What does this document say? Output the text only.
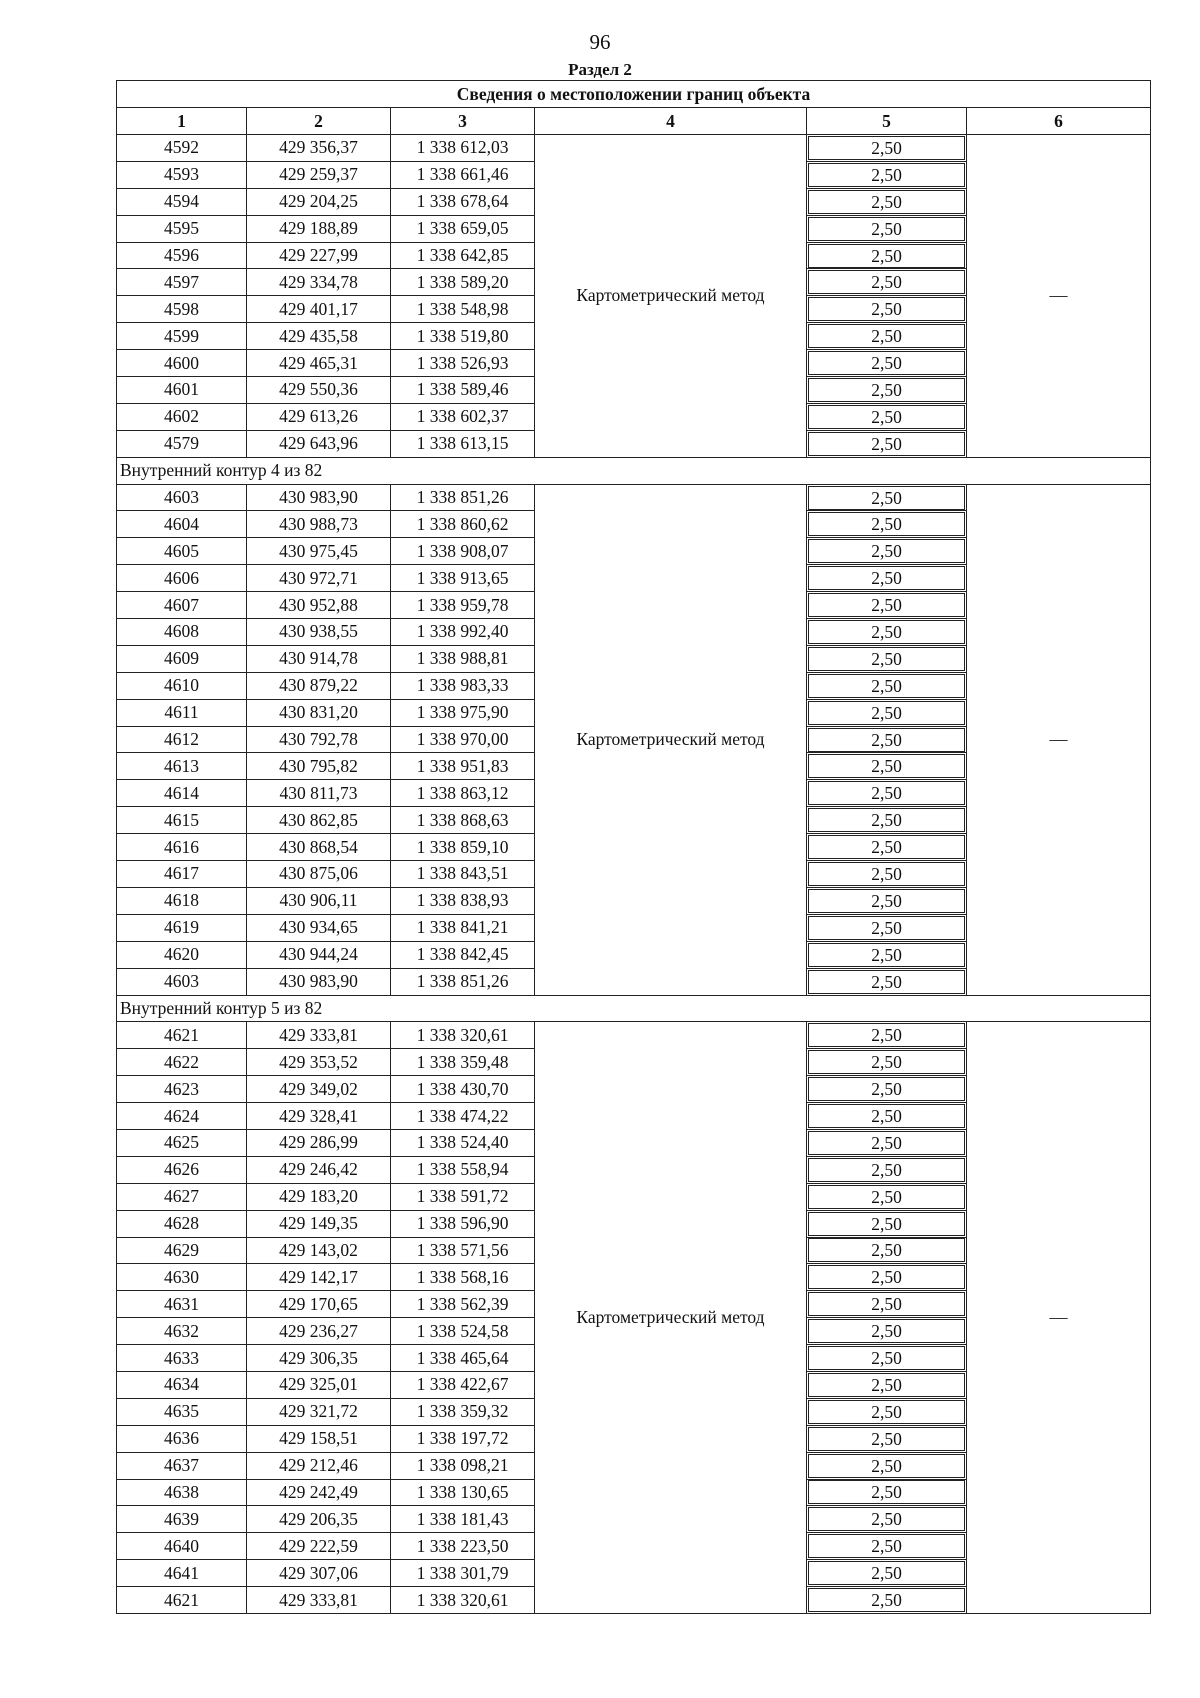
96
Раздел 2
Сведения о местоположении границ объекта					
1	2	3	4	5	6
4592	429 356,37	1 338 612,03	Картометрический метод	2,50	—
4593	429 259,37	1 338 661,46		2,50	

4594	429 204,25	1 338 678,64		2,50	

4595	429 188,89	1 338 659,05		2,50	

4596	429 227,99	1 338 642,85		2,50	

4597	429 334,78	1 338 589,20		2,50	

4598	429 401,17	1 338 548,98		2,50	

4599	429 435,58	1 338 519,80		2,50	

4600	429 465,31	1 338 526,93		2,50	

4601	429 550,36	1 338 589,46		2,50	

4602	429 613,26	1 338 602,37		2,50	

4579	429 643,96	1 338 613,15		2,50	

Внутренний контур 4 из 82					
4603	430 983,90	1 338 851,26	Картометрический метод	2,50	—
4604	430 988,73	1 338 860,62		2,50	

4605	430 975,45	1 338 908,07		2,50	

4606	430 972,71	1 338 913,65		2,50	

4607	430 952,88	1 338 959,78		2,50	

4608	430 938,55	1 338 992,40		2,50	

4609	430 914,78	1 338 988,81		2,50	

4610	430 879,22	1 338 983,33		2,50	

4611	430 831,20	1 338 975,90		2,50	

4612	430 792,78	1 338 970,00		2,50	

4613	430 795,82	1 338 951,83		2,50	

4614	430 811,73	1 338 863,12		2,50	

4615	430 862,85	1 338 868,63		2,50	

4616	430 868,54	1 338 859,10		2,50	

4617	430 875,06	1 338 843,51		2,50	

4618	430 906,11	1 338 838,93		2,50	

4619	430 934,65	1 338 841,21		2,50	

4620	430 944,24	1 338 842,45		2,50	

4603	430 983,90	1 338 851,26		2,50	

Внутренний контур 5 из 82					
4621	429 333,81	1 338 320,61	Картометрический метод	2,50	—
4622	429 353,52	1 338 359,48		2,50	

4623	429 349,02	1 338 430,70		2,50	

4624	429 328,41	1 338 474,22		2,50	

4625	429 286,99	1 338 524,40		2,50	

4626	429 246,42	1 338 558,94		2,50	

4627	429 183,20	1 338 591,72		2,50	

4628	429 149,35	1 338 596,90		2,50	

4629	429 143,02	1 338 571,56		2,50	

4630	429 142,17	1 338 568,16		2,50	

4631	429 170,65	1 338 562,39		2,50	

4632	429 236,27	1 338 524,58		2,50	

4633	429 306,35	1 338 465,64		2,50	

4634	429 325,01	1 338 422,67		2,50	

4635	429 321,72	1 338 359,32		2,50	

4636	429 158,51	1 338 197,72		2,50	

4637	429 212,46	1 338 098,21		2,50	

4638	429 242,49	1 338 130,65		2,50	

4639	429 206,35	1 338 181,43		2,50	

4640	429 222,59	1 338 223,50		2,50	

4641	429 307,06	1 338 301,79		2,50	

4621	429 333,81	1 338 320,61		2,50	
